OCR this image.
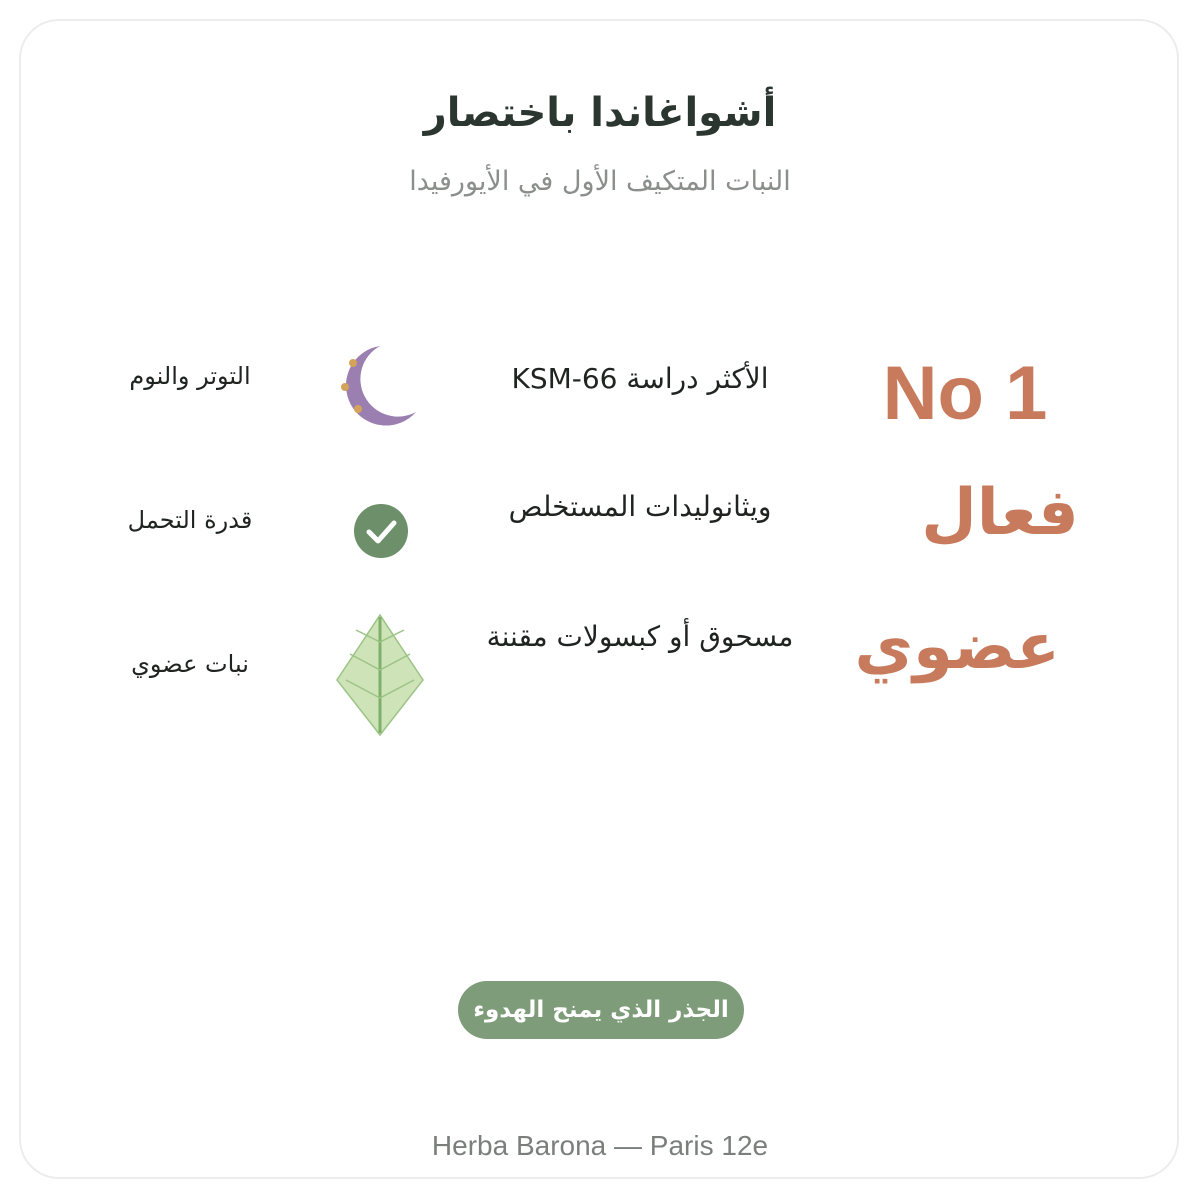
أشواغاندا باختصار
النبات المتكيف الأول في الأيورفيدا
No 1
الأكثر دراسة KSM-66
التوتر والنوم
فعال
ويثانوليدات المستخلص
قدرة التحمل
عضوي
مسحوق أو كبسولات مقننة
نبات عضوي
الجذر الذي يمنح الهدوء
Herba Barona — Paris 12e
